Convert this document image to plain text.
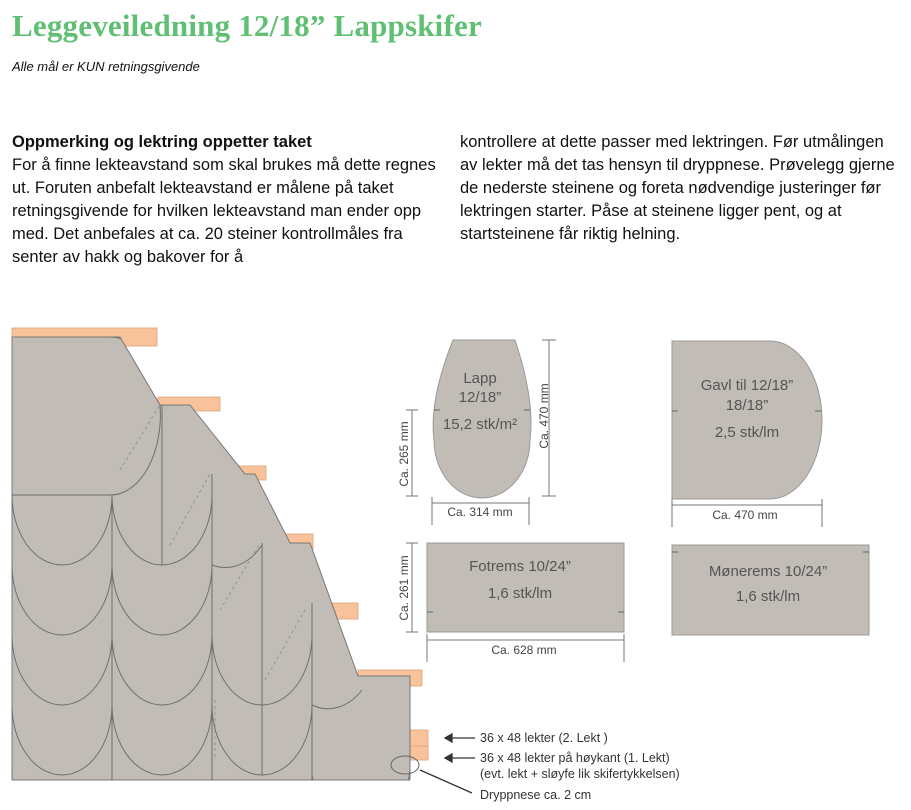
Leggeveiledning 12/18” Lappskifer
Alle mål er KUN retningsgivende
Oppmerking og lektring oppetter taket

For å finne lekteavstand som skal brukes må dette regnes ut. Foruten anbefalt lekteavstand er målene på taket retningsgivende for hvilken lekteavstand man ender opp med. Det anbefales at ca. 20 steiner kontrollmåles fra senter av hakk og bakover for å

kontrollere at dette passer med lektringen. Før utmålingen av lekter må det tas hensyn til dryppnese. Prøvelegg gjerne de nederste steinene og foreta nødvendige justeringer før lektringen starter. Påse at steinene ligger pent, og at startsteinene får riktig helning.

36 x 48 lekter (2. Lekt )
36 x 48 lekter på høykant (1. Lekt)
(evt. lekt + sløyfe lik skifertykkelsen)
Dryppnese ca. 2 cm
Lapp
12/18”
15,2 stk/m² Ca. 470 mm
Ca. 265 mm
Ca. 314 mm
Gavl til 12/18”
18/18”
2,5 stk/lm
Ca. 470 mm
Fotrems 10/24”
1,6 stk/lm
Ca. 261 mm
Ca. 628 mm
Mønerems 10/24”
1,6 stk/lm
